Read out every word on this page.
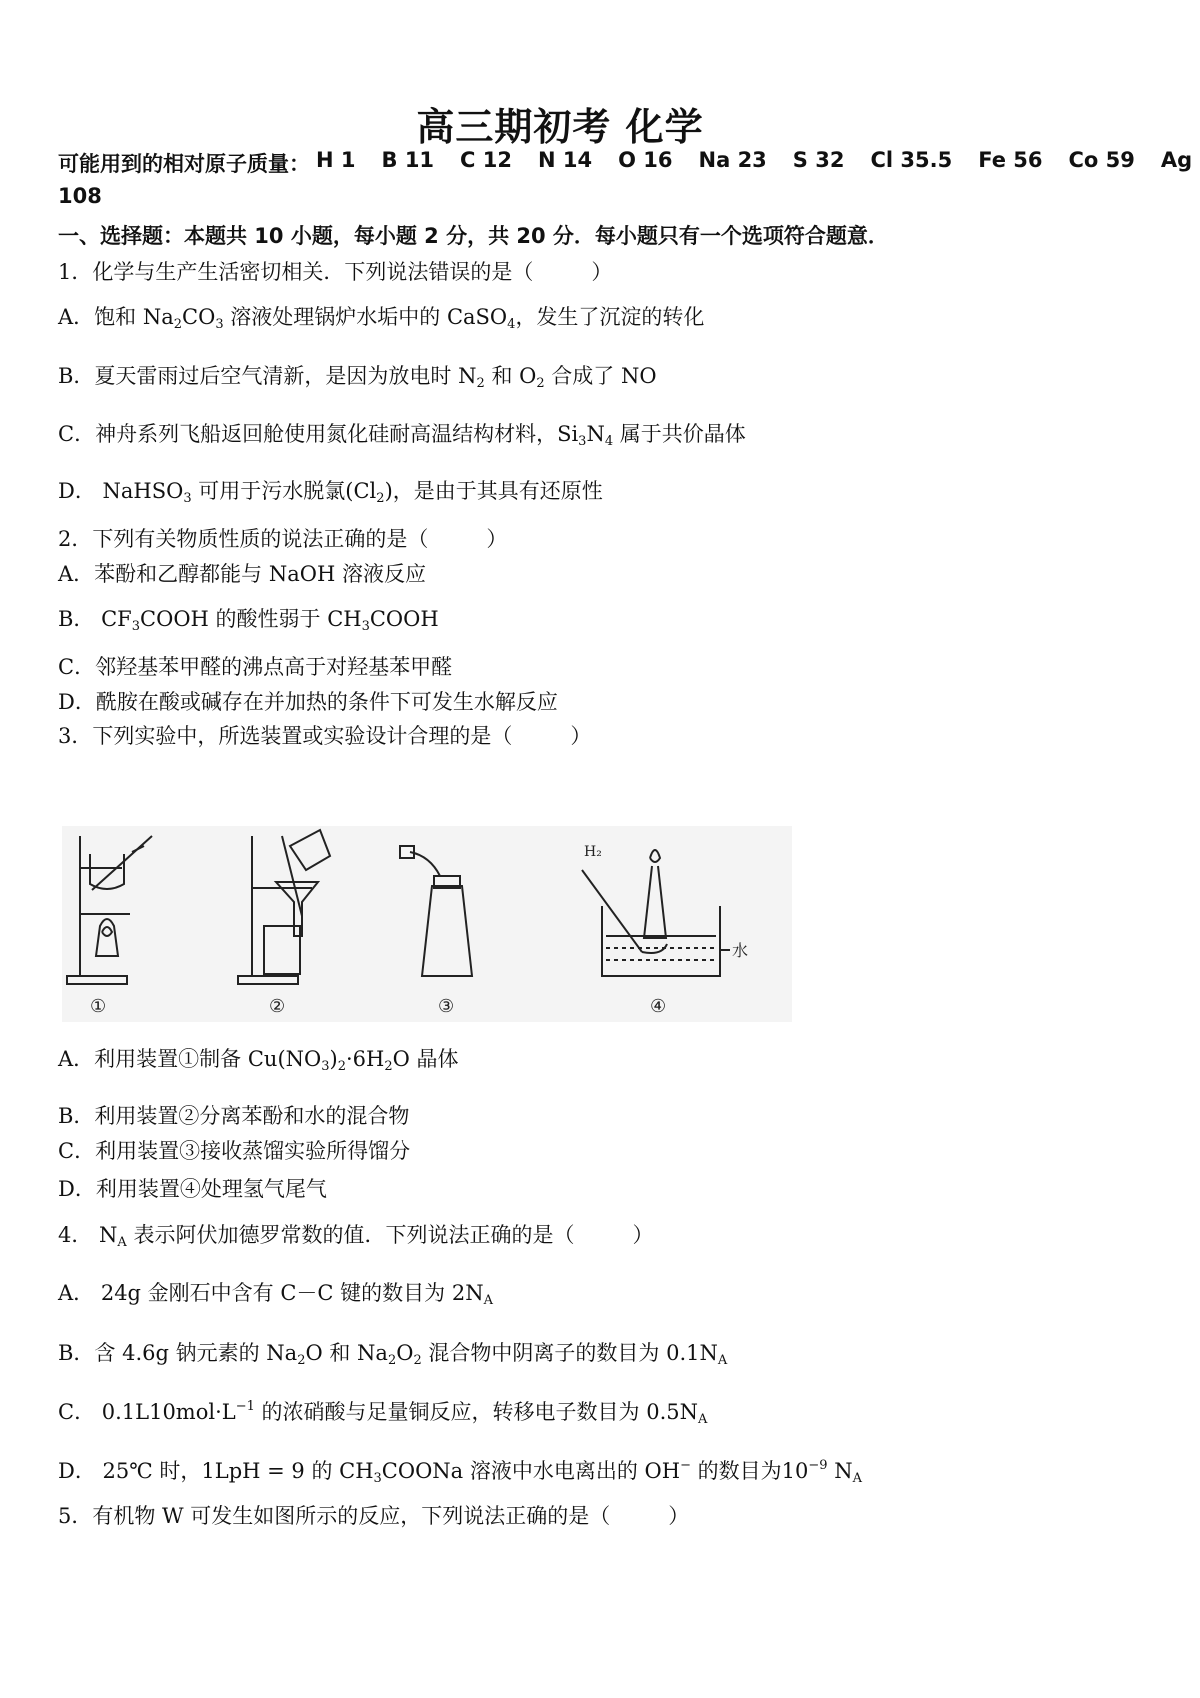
高三期初考 化学
可能用到的相对原子质量： H 1 B 11 C 12 N 14 O 16 Na 23 S 32 Cl 35.5 Fe 56 Co 59 Ag
108
一、选择题：本题共 10 小题，每小题 2 分，共 20 分．每小题只有一个选项符合题意．
1．化学与生产生活密切相关．下列说法错误的是（	）
A．饱和 $Na_2CO_3$ 溶液处理锅炉水垢中的 CaSO$_4$，发生了沉淀的转化
B．夏天雷雨过后空气清新，是因为放电时 $N_2$ 和 $O_2$ 合成了 NO
C．神舟系列飞船返回舱使用氮化硅耐高温结构材料，$Si_3N_4$ 属于共价晶体
D． NaHSO$_3$ 可用于污水脱氯$(Cl_2)$，是由于其具有还原性
2．下列有关物质性质的说法正确的是（	）
A．苯酚和乙醇都能与 NaOH 溶液反应
B． $CF_3COOH$ 的酸性弱于 $CH_3COOH$
C．邻羟基苯甲醛的沸点高于对羟基苯甲醛
D．酰胺在酸或碱存在并加热的条件下可发生水解反应
3．下列实验中，所选装置或实验设计合理的是（	）
H₂
水
①	②	③	④
A．利用装置①制备 $Cu(NO_3)_2\cdot 6H_2O$ 晶体
B．利用装置②分离苯酚和水的混合物
C．利用装置③接收蒸馏实验所得馏分
D．利用装置④处理氢气尾气
4． $N_A$ 表示阿伏加德罗常数的值．下列说法正确的是（	）
A． 24g 金刚石中含有 C－C 键的数目为 $2N_A$
B．含 4.6g 钠元素的 $Na_2O$ 和 $Na_2O_2$ 混合物中阴离子的数目为 $0.1N_A$
C． $0.1L10mol\cdot L^{-1}$ 的浓硝酸与足量铜反应，转移电子数目为 $0.5N_A$
D． 25℃ 时，1LpH = 9 的 $CH_3COONa$ 溶液中水电离出的 OH− 的数目为$10^{-9}$ $N_A$
5．有机物 W 可发生如图所示的反应，下列说法正确的是（	）
